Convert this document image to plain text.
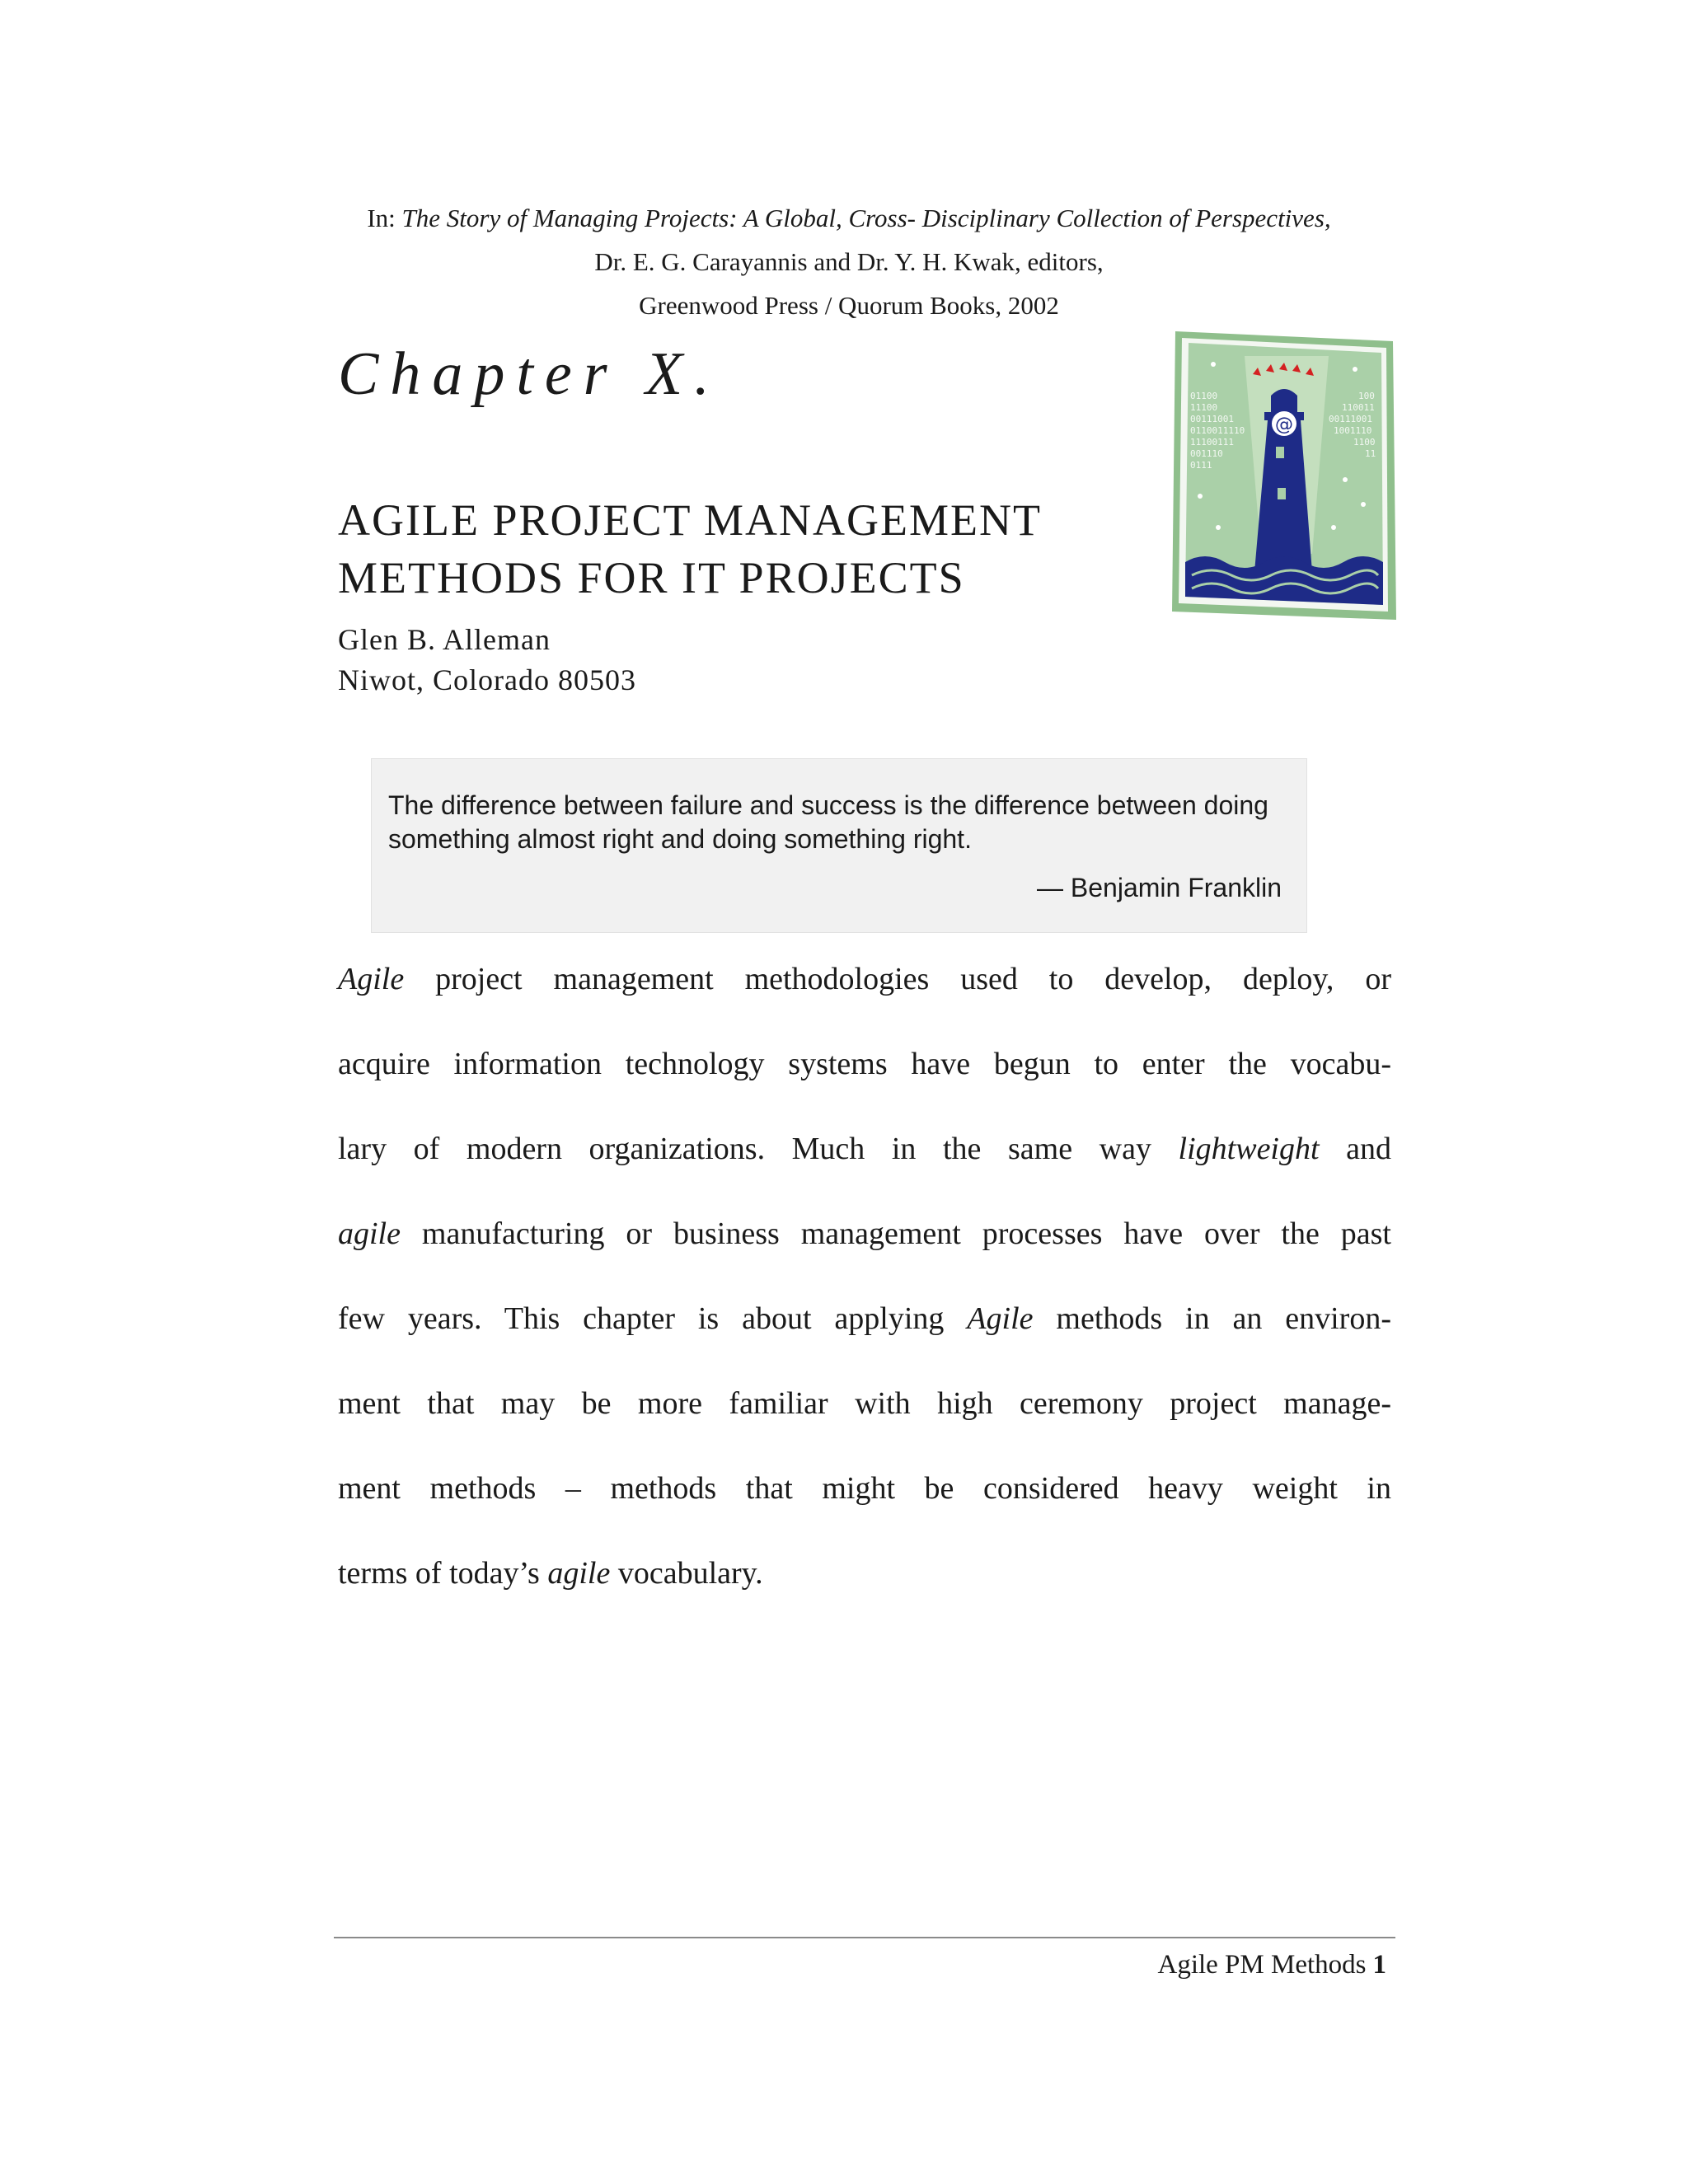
In: The Story of Managing Projects: A Global, Cross- Disciplinary Collection of Perspectives,
Dr. E. G. Carayannis and Dr. Y. H. Kwak, editors,
Greenwood Press / Quorum Books, 2002
Chapter X.
AGILE PROJECT MANAGEMENT
METHODS FOR IT PROJECTS
Glen B. Alleman
Niwot, Colorado 80503
01100
11100
00111001
0110011110
11100111
001110
0111
100
110011
00111001
1001110
1100
11
@
The difference between failure and success is the difference between doing something almost right and doing something right.
— Benjamin Franklin
Agile project management methodologies used to develop, deploy, or
acquire information technology systems have begun to enter the vocabu-
lary of modern organizations. Much in the same way lightweight and
agile manufacturing or business management processes have over the past
few years. This chapter is about applying Agile methods in an environ-
ment that may be more familiar with high ceremony project manage-
ment methods – methods that might be considered heavy weight in
terms of today’s agile vocabulary.
Agile PM Methods 1
